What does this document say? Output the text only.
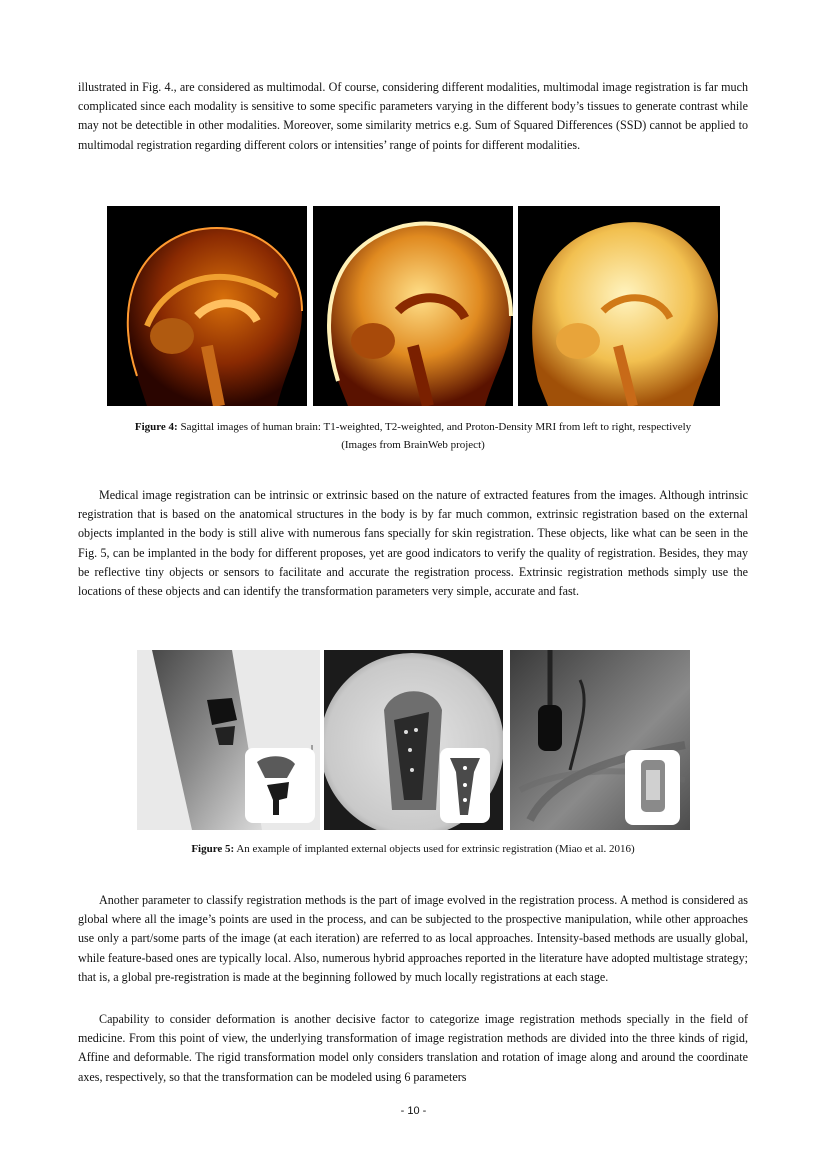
illustrated in Fig. 4., are considered as multimodal. Of course, considering different modalities, multimodal image registration is far much complicated since each modality is sensitive to some specific parameters varying in the different body’s tissues to generate contrast while may not be detectible in other modalities. Moreover, some similarity metrics e.g. Sum of Squared Differences (SSD) cannot be applied to multimodal registration regarding different colors or intensities’ range of points for different modalities.

Figure 4: Sagittal images of human brain: T1-weighted, T2-weighted, and Proton-Density MRI from left to right, respectively
(Images from BrainWeb project)

Medical image registration can be intrinsic or extrinsic based on the nature of extracted features from the images. Although intrinsic registration that is based on the anatomical structures in the body is by far much common, extrinsic registration based on the external objects implanted in the body is still alive with numerous fans specially for skin registration. These objects, like what can be seen in the Fig. 5, can be implanted in the body for different proposes, yet are good indicators to verify the quality of registration. Besides, they may be reflective tiny objects or sensors to facilitate and accurate the registration process. Extrinsic registration methods simply use the locations of these objects and can identify the transformation parameters very simple, accurate and fast.

Figure 5: An example of implanted external objects used for extrinsic registration (Miao et al. 2016)

Another parameter to classify registration methods is the part of image evolved in the registration process. A method is considered as global where all the image’s points are used in the process, and can be subjected to the prospective manipulation, while other approaches use only a part/some parts of the image (at each iteration) are referred to as local approaches. Intensity-based methods are usually global, while feature-based ones are typically local. Also, numerous hybrid approaches reported in the literature have adopted multistage strategy; that is, a global pre-registration is made at the beginning followed by much locally registrations at each stage.

Capability to consider deformation is another decisive factor to categorize image registration methods specially in the field of medicine. From this point of view, the underlying transformation of image registration methods are divided into the three kinds of rigid, Affine and deformable. The rigid transformation model only considers translation and rotation of image along and around the coordinate axes, respectively, so that the transformation can be modeled using 6 parameters

- 10 -
